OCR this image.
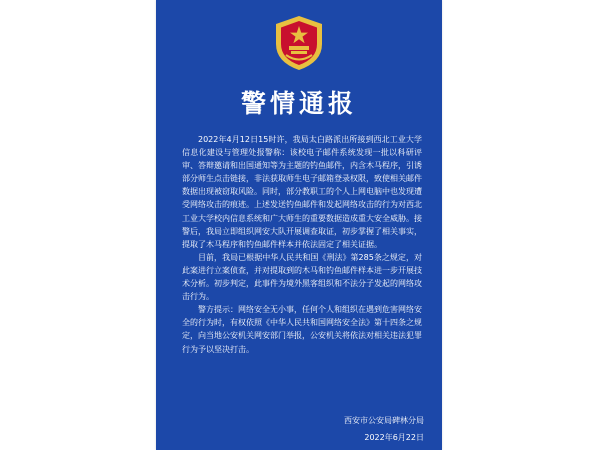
警情通报

2022年4月12日15时许，我局太白路派出所接到西北工业大学信息化建设与管理处报警称：该校电子邮件系统发现一批以科研评审、答辩邀请和出国通知等为主题的钓鱼邮件，内含木马程序，引诱部分师生点击链接，非法获取师生电子邮箱登录权限，致使相关邮件数据出现被窃取风险。同时，部分教职工的个人上网电脑中也发现遭受网络攻击的痕迹。上述发送钓鱼邮件和发起网络攻击的行为对西北工业大学校内信息系统和广大师生的重要数据造成重大安全威胁。接警后，我局立即组织网安大队开展调查取证，初步掌握了相关事实，提取了木马程序和钓鱼邮件样本并依法固定了相关证据。

目前，我局已根据中华人民共和国《刑法》第285条之规定，对此案进行立案侦查，并对提取到的木马和钓鱼邮件样本进一步开展技术分析。初步判定，此事件为境外黑客组织和不法分子发起的网络攻击行为。

警方提示：网络安全无小事，任何个人和组织在遇到危害网络安全的行为时，有权依照《中华人民共和国网络安全法》第十四条之规定，向当地公安机关网安部门举报，公安机关将依法对相关违法犯罪行为予以坚决打击。

西安市公安局碑林分局
2022年6月22日
